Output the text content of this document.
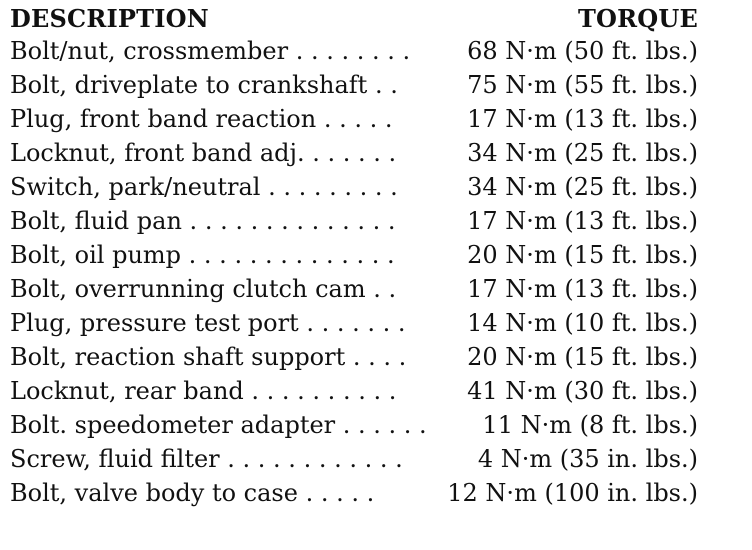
DESCRIPTION	TORQUE
Bolt/nut, crossmember . . . . . . . . 68 N·m (50 ft. lbs.)
Bolt, driveplate to crankshaft . .	75 N·m (55 ft. lbs.)
Plug, front band reaction . . . . .	17 N·m (13 ft. lbs.)
Locknut, front band adj. . . . . . .	34 N·m (25 ft. lbs.)
Switch, park/neutral . . . . . . . . .	34 N·m (25 ft. lbs.)
Bolt, fluid pan . . . . . . . . . . . . . .	17 N·m (13 ft. lbs.)
Bolt, oil pump . . . . . . . . . . . . . .	20 N·m (15 ft. lbs.)
Bolt, overrunning clutch cam . .	17 N·m (13 ft. lbs.)
Plug, pressure test port . . . . . . .	14 N·m (10 ft. lbs.)
Bolt, reaction shaft support . . . .	20 N·m (15 ft. lbs.)
Locknut, rear band . . . . . . . . . .	41 N·m (30 ft. lbs.)
Bolt. speedometer adapter . . . . . . 11 N·m (8 ft. lbs.)
Screw, fluid filter . . . . . . . . . . . .	4 N·m (35 in. lbs.)
Bolt, valve body to case . . . . .	12 N·m (100 in. lbs.)
